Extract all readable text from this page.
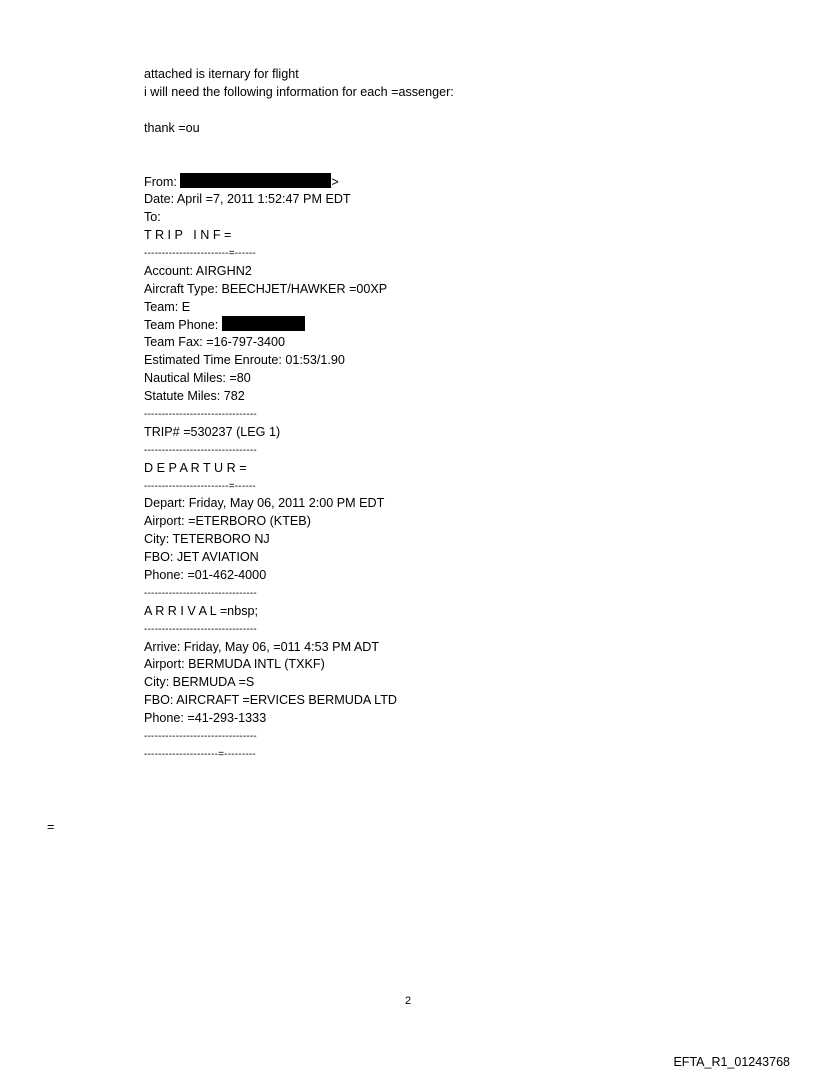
attached is iternary for flight
i will need the following information for each =assenger:
thank =ou
From:	>
Date: April =7, 2011 1:52:47 PM EDT
To:
T R I P   I N F =
------------------------=------
Account: AIRGHN2
Aircraft Type: BEECHJET/HAWKER =00XP
Team: E
Team Phone:
Team Fax: =16-797-3400
Estimated Time Enroute: 01:53/1.90
Nautical Miles: =80
Statute Miles: 782
--------------------------------
TRIP# =530237 (LEG 1)
--------------------------------
D E P A R T U R =
------------------------=------
Depart: Friday, May 06, 2011 2:00 PM EDT
Airport: =ETERBORO (KTEB)
City: TETERBORO NJ
FBO: JET AVIATION
Phone: =01-462-4000
--------------------------------
A R R I V A L =nbsp;
--------------------------------
Arrive: Friday, May 06, =011 4:53 PM ADT
Airport: BERMUDA INTL (TXKF)
City: BERMUDA =S
FBO: AIRCRAFT =ERVICES BERMUDA LTD
Phone: =41-293-1333
--------------------------------
---------------------=---------
=
2
EFTA_R1_01243768
